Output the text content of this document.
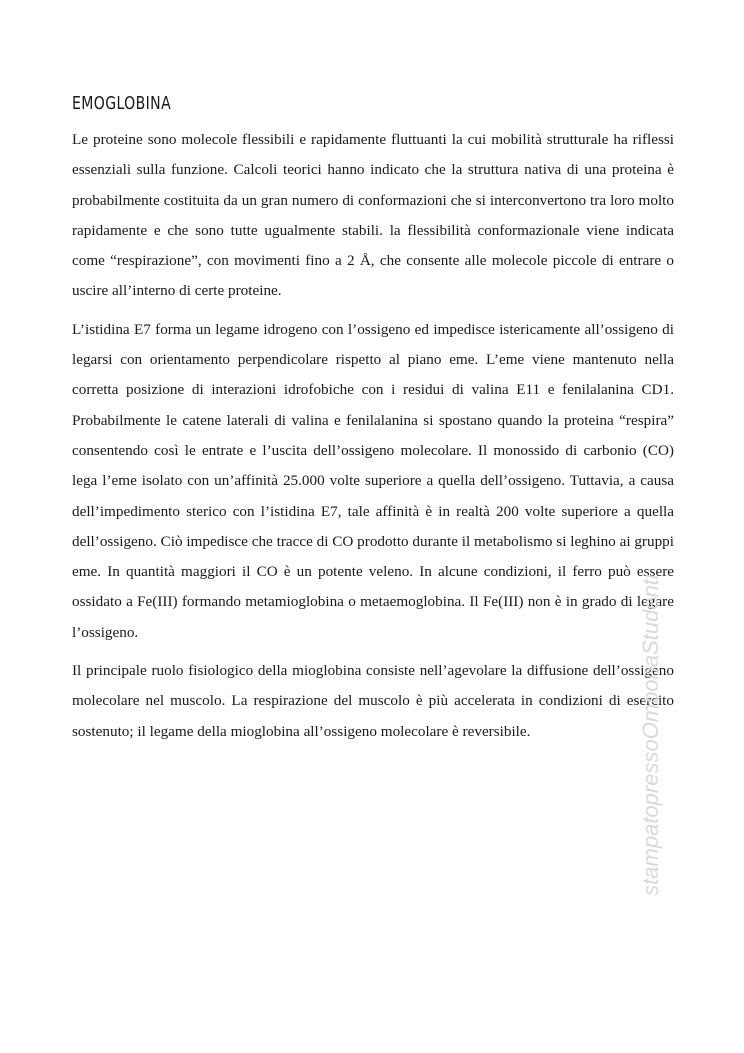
EMOGLOBINA

Le proteine sono molecole flessibili e rapidamente fluttuanti la cui mobilità strutturale ha riflessi essenziali sulla funzione. Calcoli teorici hanno indicato che la struttura nativa di una proteina è probabilmente costituita da un gran numero di conformazioni che si interconvertono tra loro molto rapidamente e che sono tutte ugualmente stabili. la flessibilità conformazionale viene indicata come “respirazione”, con movimenti fino a 2 Å, che consente alle molecole piccole di entrare o uscire all’interno di certe proteine.

L’istidina E7 forma un legame idrogeno con l’ossigeno ed impedisce istericamente all’ossigeno di legarsi con orientamento perpendicolare rispetto al piano eme. L’eme viene mantenuto nella corretta posizione di interazioni idrofobiche con i residui di valina E11 e fenilalanina CD1. Probabilmente le catene laterali di valina e fenilalanina si spostano quando la proteina “respira” consentendo così le entrate e l’uscita dell’ossigeno molecolare. Il monossido di carbonio (CO) lega l’eme isolato con un’affinità 25.000 volte superiore a quella dell’ossigeno. Tuttavia, a causa dell’impedimento sterico con l’istidina E7, tale affinità è in realtà 200 volte superiore a quella dell’ossigeno. Ciò impedisce che tracce di CO prodotto durante il metabolismo si leghino ai gruppi eme. In quantità maggiori il CO è un potente veleno. In alcune condizioni, il ferro può essere ossidato a Fe(III) formando metamioglobina o metaemoglobina. Il Fe(III) non è in grado di legare l’ossigeno.

Il principale ruolo fisiologico della mioglobina consiste nell’agevolare la diffusione dell’ossigeno molecolare nel muscolo. La respirazione del muscolo è più accelerata in condizioni di esercito sostenuto; il legame della mioglobina all’ossigeno molecolare è reversibile.	stampatopressoOmbonaStudenti
